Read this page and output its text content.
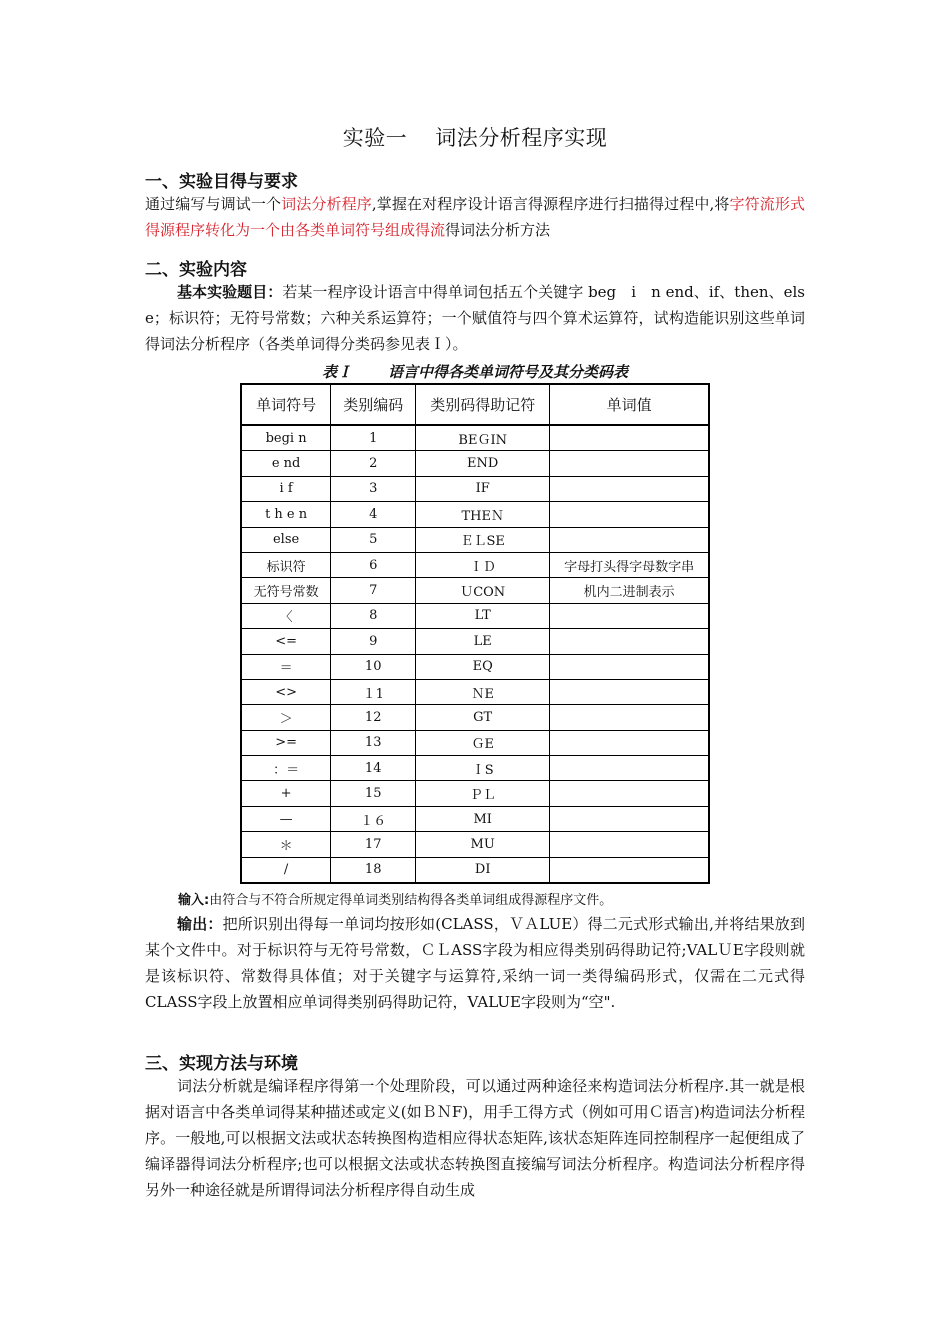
实验一 词法分析程序实现
一、实验目得与要求
通过编写与调试一个词法分析程序,掌握在对程序设计语言得源程序进行扫描得过程中,将字符流形式得源程序转化为一个由各类单词符号组成得流得词法分析方法
二、实验内容
基本实验题目：若某一程序设计语言中得单词包括五个关键字 beg　i　n end、if、then、els e；标识符；无符号常数；六种关系运算符；一个赋值符与四个算术运算符，试构造能识别这些单词得词法分析程序（各类单词得分类码参见表Ｉ）。
表Ｉ 语言中得各类单词符号及其分类码表
单词符号	类别编码	类别码得助记符	单词值
begi n	1	BEＧIN	
e nd	2	END	
i f	3	IF	
t h e n	4	THEＮ	
else	5	ＥＬSE	
标识符	6	ＩＤ	字母打头得字母数字串
无符号常数	7	ＵCON	机内二进制表示
〈	8	LT	
<=	9	LE	
＝	10	EQ	
<>	１1	ＮE	
＞	12	GT	
>=	13	ＧE	
：＝	14	ＩS	
+	15	ＰＬ	
—	１６	MI	
＊	17	MU	
/	18	DI	
输入:由符合与不符合所规定得单词类别结构得各类单词组成得源程序文件。
输出：把所识别出得每一单词均按形如(CLASS，ＶＡLUE）得二元式形式输出,并将结果放到某个文件中。对于标识符与无符号常数，ＣＬASS字段为相应得类别码得助记符;VALＵE字段则就是该标识符、常数得具体值；对于关键字与运算符,采纳一词一类得编码形式，仅需在二元式得CLASS字段上放置相应单词得类别码得助记符，VALUE字段则为“空".
三、实现方法与环境
词法分析就是编译程序得第一个处理阶段，可以通过两种途径来构造词法分析程序.其一就是根据对语言中各类单词得某种描述或定义(如ＢＮF)，用手工得方式（例如可用Ｃ语言)构造词法分析程序。一般地,可以根据文法或状态转换图构造相应得状态矩阵,该状态矩阵连同控制程序一起便组成了编译器得词法分析程序;也可以根据文法或状态转换图直接编写词法分析程序。构造词法分析程序得另外一种途径就是所谓得词法分析程序得自动生成
